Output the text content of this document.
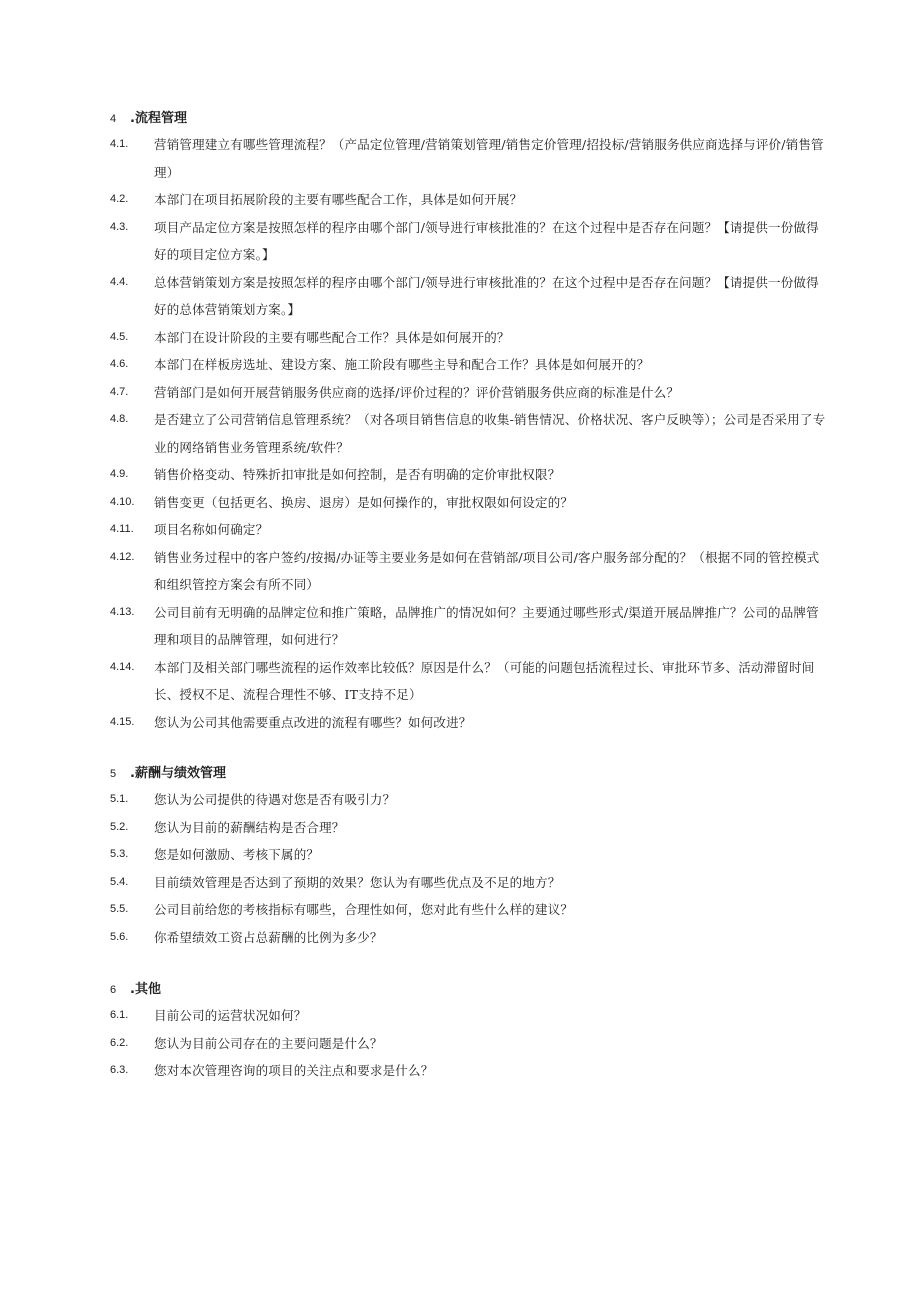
4 .流程管理
4.1.	营销管理建立有哪些管理流程？（产品定位管理/营销策划管理/销售定价管理/招投标/营销服务供应商选择与评价/销售管理）
4.2.	本部门在项目拓展阶段的主要有哪些配合工作，具体是如何开展？
4.3.	项目产品定位方案是按照怎样的程序由哪个部门/领导进行审核批准的？在这个过程中是否存在问题？【请提供一份做得好的项目定位方案。】
4.4.	总体营销策划方案是按照怎样的程序由哪个部门/领导进行审核批准的？在这个过程中是否存在问题？【请提供一份做得好的总体营销策划方案。】
4.5.	本部门在设计阶段的主要有哪些配合工作？具体是如何展开的？
4.6.	本部门在样板房选址、建设方案、施工阶段有哪些主导和配合工作？具体是如何展开的？
4.7.	营销部门是如何开展营销服务供应商的选择/评价过程的？评价营销服务供应商的标准是什么？
4.8.	是否建立了公司营销信息管理系统？（对各项目销售信息的收集-销售情况、价格状况、客户反映等）；公司是否采用了专业的网络销售业务管理系统/软件？
4.9.	销售价格变动、特殊折扣审批是如何控制，是否有明确的定价审批权限？
4.10.	销售变更（包括更名、换房、退房）是如何操作的，审批权限如何设定的？
4.11.	项目名称如何确定？
4.12.	销售业务过程中的客户签约/按揭/办证等主要业务是如何在营销部/项目公司/客户服务部分配的？（根据不同的管控模式和组织管控方案会有所不同）
4.13.	公司目前有无明确的品牌定位和推广策略，品牌推广的情况如何？主要通过哪些形式/渠道开展品牌推广？公司的品牌管理和项目的品牌管理，如何进行？
4.14.	本部门及相关部门哪些流程的运作效率比较低？原因是什么？（可能的问题包括流程过长、审批环节多、活动滞留时间长、授权不足、流程合理性不够、IT支持不足）
4.15.	您认为公司其他需要重点改进的流程有哪些？如何改进？
5 .薪酬与绩效管理
5.1.	您认为公司提供的待遇对您是否有吸引力？
5.2.	您认为目前的薪酬结构是否合理？
5.3.	您是如何激励、考核下属的？
5.4.	目前绩效管理是否达到了预期的效果？您认为有哪些优点及不足的地方？
5.5.	公司目前给您的考核指标有哪些，合理性如何，您对此有些什么样的建议？
5.6.	你希望绩效工资占总薪酬的比例为多少？
6 .其他
6.1.	目前公司的运营状况如何？
6.2.	您认为目前公司存在的主要问题是什么？
6.3.	您对本次管理咨询的项目的关注点和要求是什么？
